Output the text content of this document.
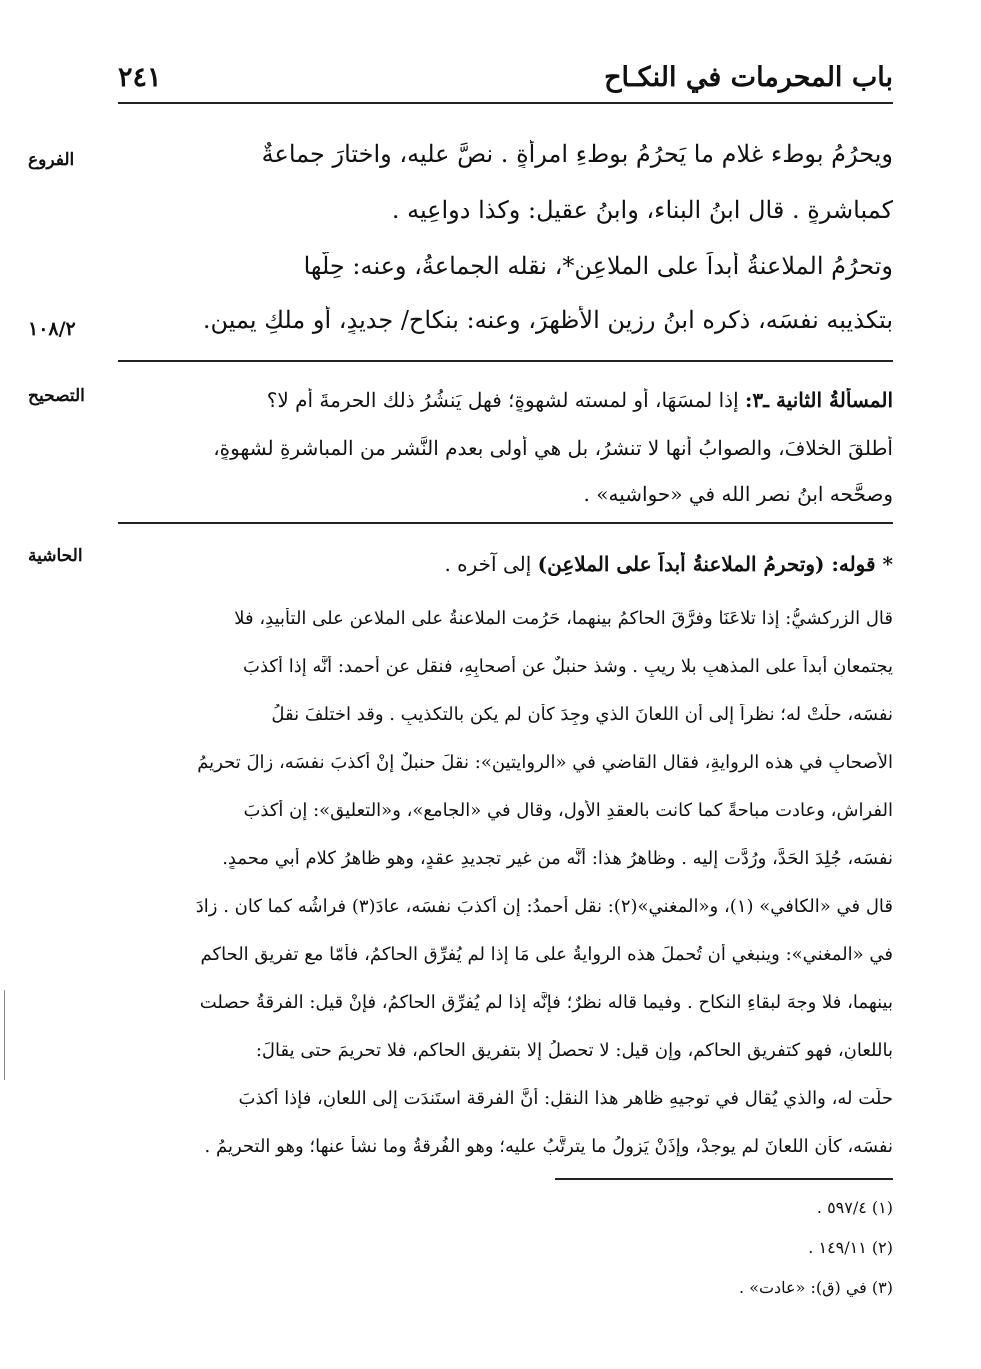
باب المحرمات في النكـاح
٢٤١
الفروع
١٠٨/٢
التصحيح
الحاشية
ويحرُمُ بوطء غلامٍ ما يَحرُمُ بوطءِ امرأةٍ . نصَّ عليه، واختارَ جماعةٌ
كمباشرةٍ . قال ابنُ البناء، وابنُ عقيلٍ: وكذا دواعِيه .
وتحرُمُ الملاعنةُ أبداً على الملاعِنِ*، نقله الجماعةُ، وعنه: حِلُّها
بتكذيبه نفسَه، ذكره ابنُ رزين الأظهرَ، وعنه: بنكاحٍ/ جديدٍ، أو ملكِ يمينٍ.
المسألةُ الثانية ـ٣: إذا لمسَهَا، أو لمسته لشهوةٍ؛ فهل يَنشُرُ ذلك الحرمةَ أم لا؟
أطلقَ الخلافَ، والصوابُ أنها لا تنشرُ، بل هي أولى بعدمِ النَّشرِ من المباشرةِ لشهوةٍ،
وصحَّحه ابنُ نصر الله في «حواشيه» .
* قوله: (وتحرمُ الملاعنةُ أبداً على الملاعِنِ) إلى آخره .
قال الزركشيُّ: إذا تلاعَنَا وفرَّقَ الحاكمُ بينهما، حَرُمت الملاعنةُ على الملاعنِ على التأبيدِ، فلا
يجتمعانِ أبداً على المذهبِ بلا ريبٍ . وشذ حنبلٌ عن أصحابِهِ، فنقل عن أحمد: أنَّه إذا أكذبَ
نفسَه، حلَّتْ له؛ نظراً إلى أن اللعانَ الذي وجِدَ كأن لم يكن بالتكذيبِ . وقد اختلفَ نقلُ
الأصحابِ في هذه الروايةِ، فقال القاضي في «الروايتين»: نقلَ حنبلٌ إنْ أكذبَ نفسَه، زالَ تحريمُ
الفراشِ، وعادت مباحةً كما كانت بالعقدِ الأول، وقال في «الجامع»، و«التعليق»: إن أكذبَ
نفسَه، جُلِدَ الحَدَّ، ورُدَّت إليه . وظاهرُ هذا: أنَّه من غيرِ تجديدِ عقدٍ، وهو ظاهرُ كلامِ أبي محمدٍ.
قال في «الكافي» (١)، و«المغني»(٢): نقل أحمدُ: إن أكذبَ نفسَه، عادَ(٣) فراشُه كما كان . زادَ
في «المغني»: وينبغي أن تُحملَ هذه الروايةُ على مَا إذا لم يُفرِّقِ الحاكمُ، فأمّا مع تفريقِ الحاكمِ
بينهما، فلا وجهَ لبقاءِ النكاحِ . وفيما قاله نظرٌ؛ فإنَّه إذا لم يُفرِّق الحاكمُ، فإنْ قيل: الفرقةُ حصلت
باللعانِ، فهو كتفريقِ الحاكمِ، وإن قيل: لا تحصلُ إلا بتفريقِ الحاكمِ، فلا تحريمَ حتى يقالَ:
حلَّت له، والذي يُقال في توجيهِ ظاهرِ هذا النقلِ: أنَّ الفرقة استَندَت إلى اللعانِ، فإذا أكذبَ
نفسَه، كأن اللعانَ لم يوجدْ، وإذَنْ يَزولُ ما يترتَّبُ عليه؛ وهو الفُرقةُ وما نشأ عنها؛ وهو التحريمُ .
(١) ٥٩٧/٤ .
(٢) ١٤٩/١١ .
(٣) في (ق): «عادت» .
